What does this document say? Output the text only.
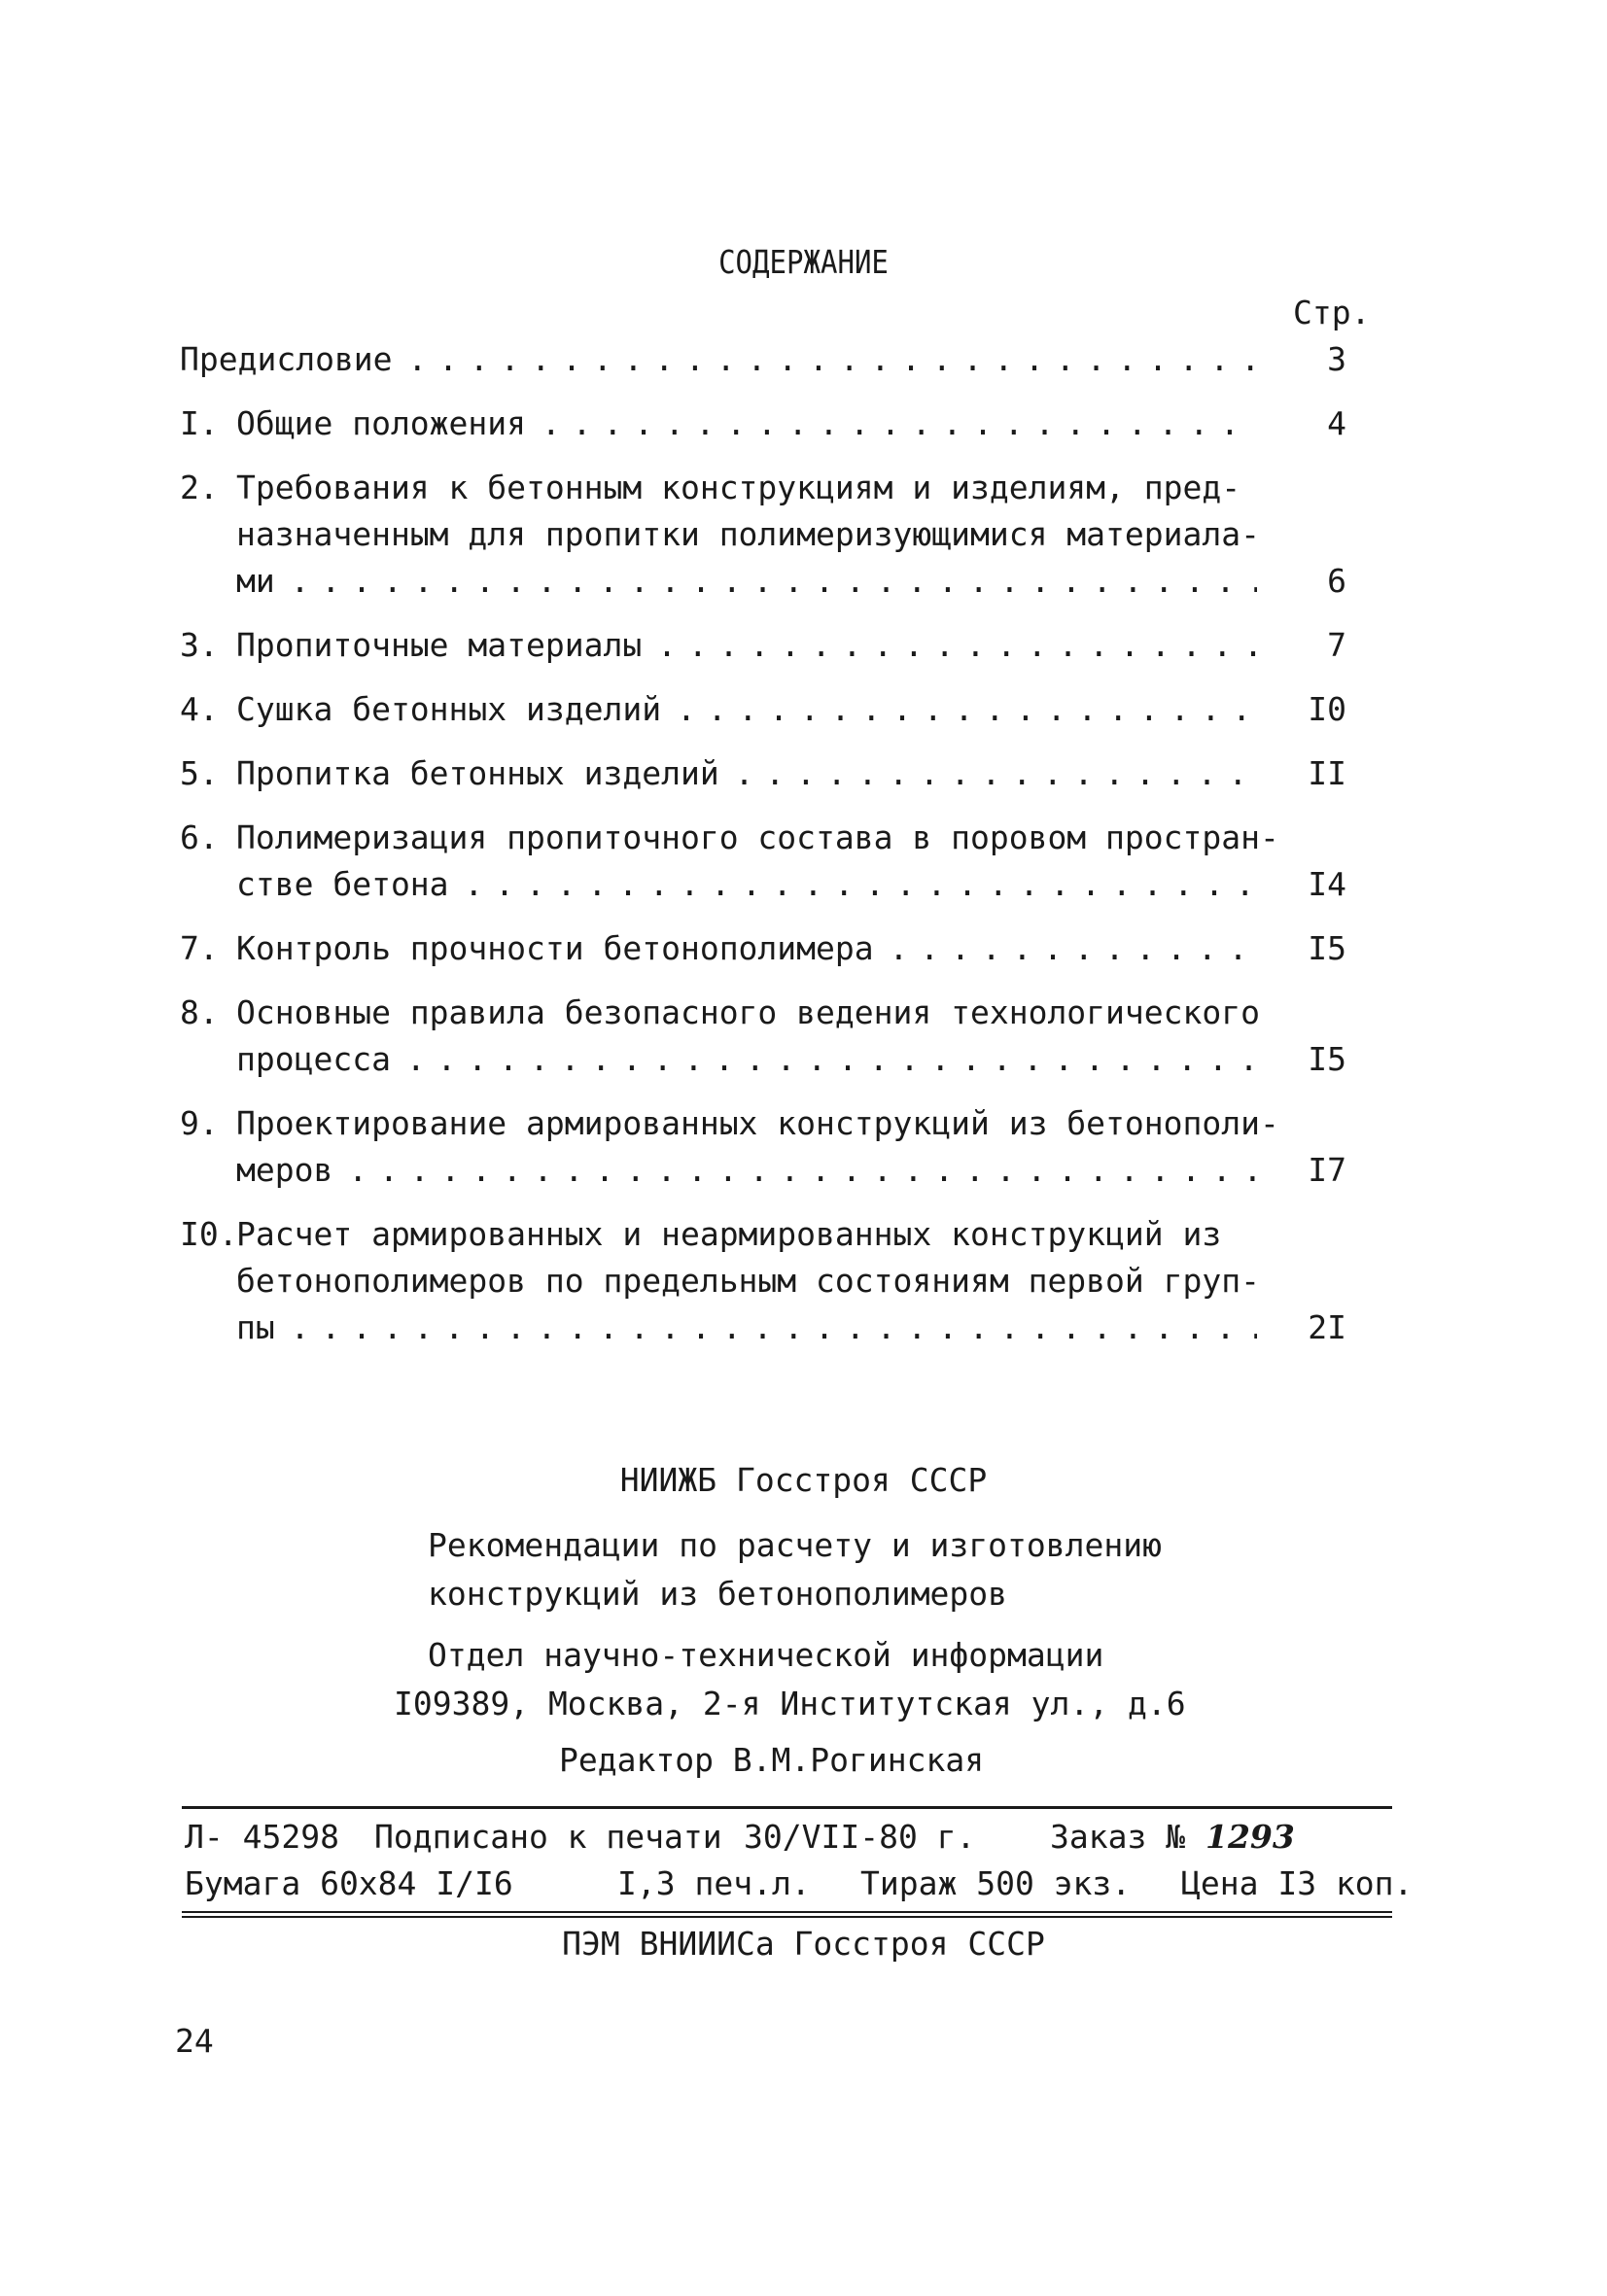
СОДЕРЖАНИЕ
Стр.
Предисловие . . .	3
I. Общие положения . . .	4
2. Требования к бетонным конструкциям и изделиям, пред-
назначенным для пропитки полимеризующимися материала-
ми . . .	6
3. Пропиточные материалы . . .	7
4. Сушка бетонных изделий . . .	I0
5. Пропитка бетонных изделий . . .	II
6. Полимеризация пропиточного состава в поровом простран-
стве бетона . . .	I4
7. Контроль прочности бетонополимера . . .	I5
8. Основные правила безопасного ведения технологического
процесса . . .	I5
9. Проектирование армированных конструкций из бетонополи-
меров . . .	I7
I0.Расчет армированных и неармированных конструкций из
бетонополимеров по предельным состояниям первой груп-
пы . . .	2I
НИИЖБ Госстроя СССР
Рекомендации по расчету и изготовлению
конструкций из бетонополимеров
Отдел научно-технической информации
I09389, Москва, 2-я Институтская ул., д.6
Редактор В.М.Рогинская
Л- 45298 Подписано к печати 30/VII-80 г. Заказ № 1293
Бумага 60х84 I/I6	I,3 печ.л. Тираж 500 экз. Цена I3 коп.
ПЭМ ВНИИИСа Госстроя СССР
24
